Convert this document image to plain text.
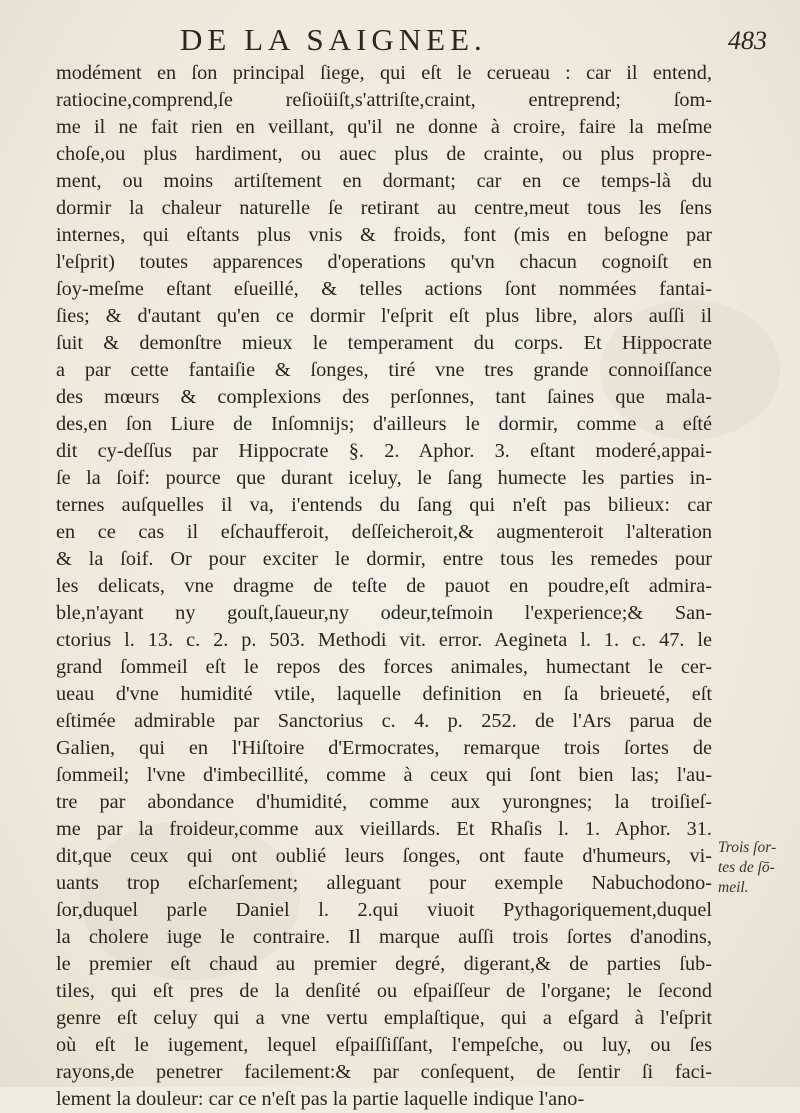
DE LA SAIGNEE.	483
modément en ſon principal ſiege, qui eſt le cerueau : car il entend,
ratiocine,comprend,ſe reſioüiſt,s'attriſte,craint, entreprend; ſom-
me il ne fait rien en veillant, qu'il ne donne à croire, faire la meſme
choſe,ou plus hardiment, ou auec plus de crainte, ou plus propre-
ment, ou moins artiſtement en dormant; car en ce temps-là du
dormir la chaleur naturelle ſe retirant au centre,meut tous les ſens
internes, qui eſtants plus vnis & froids, font (mis en beſogne par
l'eſprit) toutes apparences d'operations qu'vn chacun cognoiſt en
ſoy-meſme eſtant eſueillé, & telles actions ſont nommées fantai-
ſies; & d'autant qu'en ce dormir l'eſprit eſt plus libre, alors auſſi il
ſuit & demonſtre mieux le temperament du corps. Et Hippocrate
a par cette fantaiſie & ſonges, tiré vne tres grande connoiſſance
des mœurs & complexions des perſonnes, tant ſaines que mala-
des,en ſon Liure de Inſomnijs; d'ailleurs le dormir, comme a eſté
dit cy-deſſus par Hippocrate §. 2. Aphor. 3. eſtant moderé,appai-
ſe la ſoif: pource que durant iceluy, le ſang humecte les parties in-
ternes auſquelles il va, i'entends du ſang qui n'eſt pas bilieux: car
en ce cas il eſchaufferoit, deſſeicheroit,& augmenteroit l'alteration
& la ſoif. Or pour exciter le dormir, entre tous les remedes pour
les delicats, vne dragme de teſte de pauot en poudre,eſt admira-
ble,n'ayant ny gouſt,ſaueur,ny odeur,teſmoin l'experience;& San-
ctorius l. 13. c. 2. p. 503. Methodi vit. error. Aegineta l. 1. c. 47. le
grand ſommeil eſt le repos des forces animales, humectant le cer-
ueau d'vne humidité vtile, laquelle definition en ſa brieueté, eſt
eſtimée admirable par Sanctorius c. 4. p. 252. de l'Ars parua de
Galien, qui en l'Hiſtoire d'Ermocrates, remarque trois ſortes de
ſommeil; l'vne d'imbecillité, comme à ceux qui ſont bien las; l'au-
tre par abondance d'humidité, comme aux yurongnes; la troiſieſ-
me par la froideur,comme aux vieillards. Et Rhaſis l. 1. Aphor. 31.
dit,que ceux qui ont oublié leurs ſonges, ont faute d'humeurs, vi-
uants trop eſcharſement; alleguant pour exemple Nabuchodono-
ſor,duquel parle Daniel l. 2.qui viuoit Pythagoriquement,duquel
la cholere iuge le contraire. Il marque auſſi trois ſortes d'anodins,
le premier eſt chaud au premier degré, digerant,& de parties ſub-
tiles, qui eſt pres de la denſité ou eſpaiſſeur de l'organe; le ſecond
genre eſt celuy qui a vne vertu emplaſtique, qui a eſgard à l'eſprit
où eſt le iugement, lequel eſpaiſſiſſant, l'empeſche, ou luy, ou ſes
rayons,de penetrer facilement:& par conſequent, de ſentir ſi faci-
lement la douleur: car ce n'eſt pas la partie laquelle indique l'ano-
Trois ſor-
tes de ſō-
meil.
